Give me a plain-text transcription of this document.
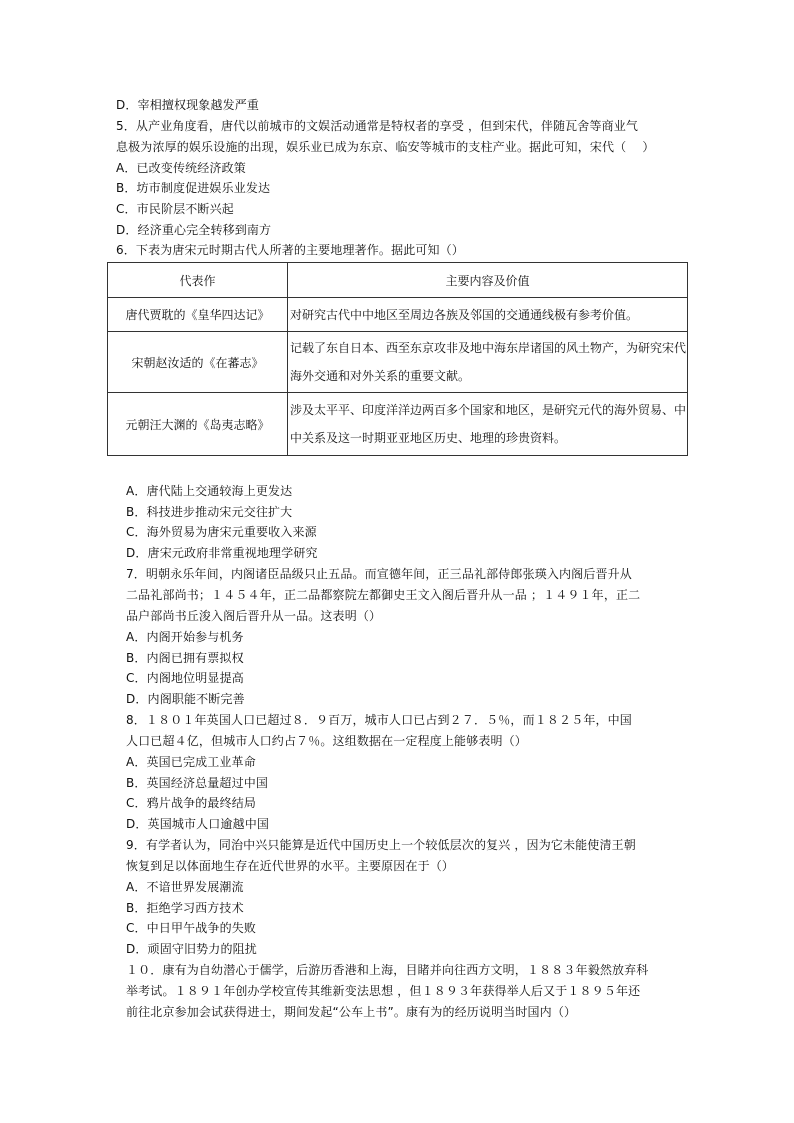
D．宰相擅权现象越发严重
5．从产业角度看，唐代以前城市的文娱活动通常是特权者的享受 ，但到宋代，伴随瓦舍等商业气
息极为浓厚的娱乐设施的出现，娱乐业已成为东京、临安等城市的支柱产业。据此可知，宋代（　 ）
A．已改变传统经济政策
B．坊市制度促进娱乐业发达
C．市民阶层不断兴起
D．经济重心完全转移到南方
6．下表为唐宋元时期古代人所著的主要地理著作。据此可知（）
代表作	主要内容及价值
唐代贾耽的《皇华四达记》	对研究古代中中地区至周边各族及邻国的交通通线极有参考价值。
宋朝赵汝适的《在蕃志》	记载了东自日本、西至东京攻非及地中海东岸诸国的风土物产，为研究宋代海外交通和对外关系的重要文献。
元朝汪大渊的《岛夷志略》	涉及太平平、印度洋洋边两百多个国家和地区，是研究元代的海外贸易、中中关系及这一时期亚亚地区历史、地理的珍贵资料。
A．唐代陆上交通较海上更发达
B．科技进步推动宋元交往扩大
C．海外贸易为唐宋元重要收入来源
D．唐宋元政府非常重视地理学研究
7．明朝永乐年间，内阁诸臣品级只止五品。而宣德年间，正三品礼部侍郎张瑛入内阁后晋升从
二品礼部尚书；１４５４年，正二品都察院左都御史王文入阁后晋升从一品 ；１４９１年，正二
品户部尚书丘浚入阁后晋升从一品。这表明（）
A．内阁开始参与机务
B．内阁已拥有票拟权
C．内阁地位明显提高
D．内阁职能不断完善
8．１８０１年英国人口已超过８．９百万，城市人口已占到２７．５％，而１８２５年，中国
人口已超４亿，但城市人口约占７％。这组数据在一定程度上能够表明（）
A．英国已完成工业革命
B．英国经济总量超过中国
C．鸦片战争的最终结局
D．英国城市人口逾越中国
9．有学者认为，同治中兴只能算是近代中国历史上一个较低层次的复兴 ，因为它未能使清王朝
恢复到足以体面地生存在近代世界的水平。主要原因在于（）
A．不谙世界发展潮流
B．拒绝学习西方技术
C．中日甲午战争的失败
D．顽固守旧势力的阻扰
１０．康有为自幼潜心于儒学，后游历香港和上海，目睹并向往西方文明，１８８３年毅然放弃科
举考试。１８９１年创办学校宣传其维新变法思想 ，但１８９３年获得举人后又于１８９５年还
前往北京参加会试获得进士，期间发起“公车上书”。康有为的经历说明当时国内（）
